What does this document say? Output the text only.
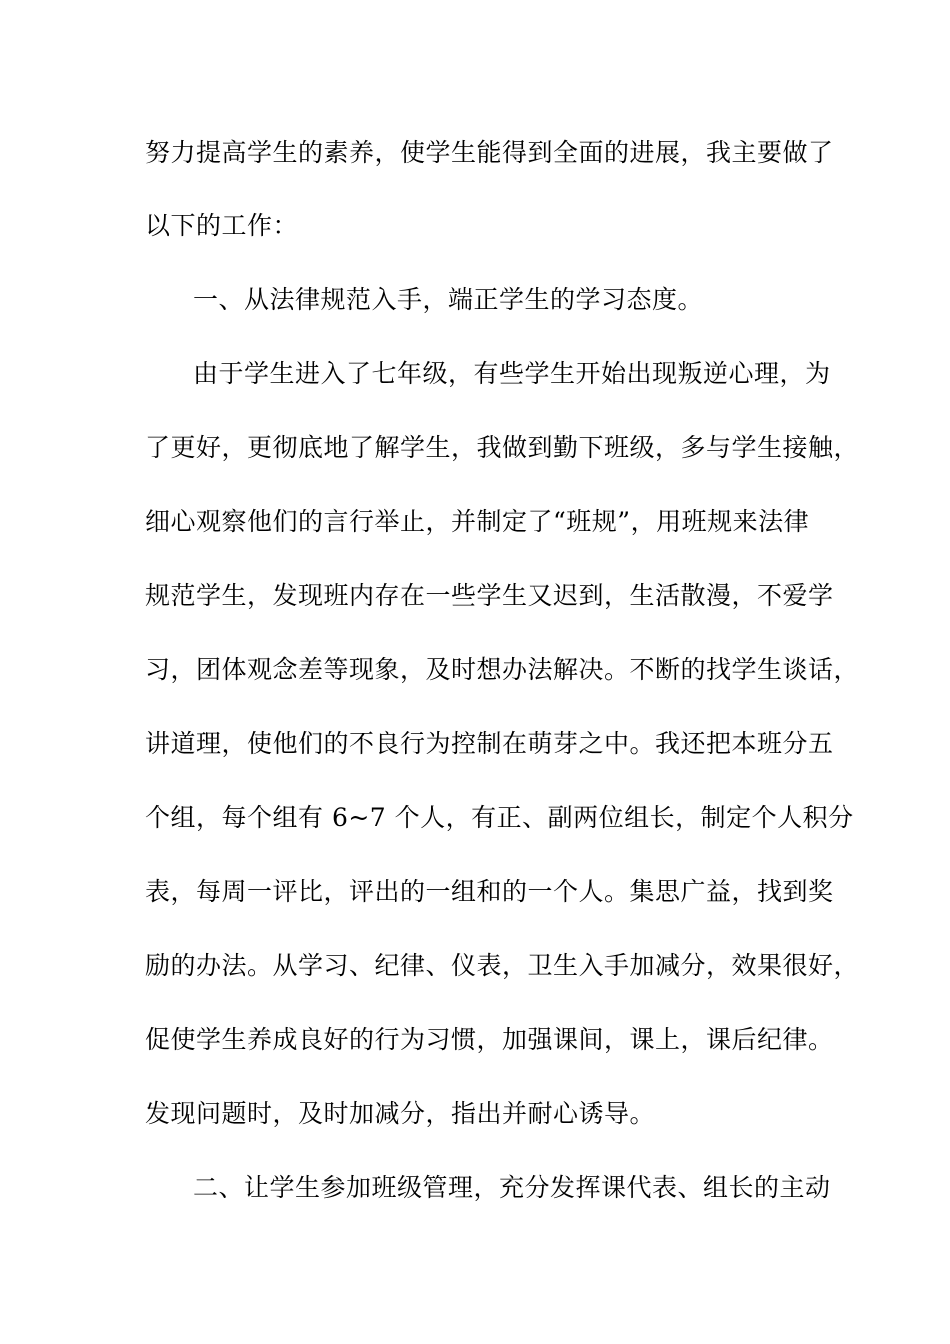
努力提高学生的素养，使学生能得到全面的进展，我主要做了
以下的工作：
一、从法律规范入手，端正学生的学习态度。
由于学生进入了七年级，有些学生开始出现叛逆心理，为
了更好，更彻底地了解学生，我做到勤下班级，多与学生接触，
细心观察他们的言行举止，并制定了“班规”，用班规来法律
规范学生，发现班内存在一些学生又迟到，生活散漫，不爱学
习，团体观念差等现象，及时想办法解决。不断的找学生谈话，
讲道理，使他们的不良行为控制在萌芽之中。我还把本班分五
个组，每个组有 6~7 个人，有正、副两位组长，制定个人积分
表，每周一评比，评出的一组和的一个人。集思广益，找到奖
励的办法。从学习、纪律、仪表，卫生入手加减分，效果很好，
促使学生养成良好的行为习惯，加强课间，课上，课后纪律。
发现问题时，及时加减分，指出并耐心诱导。
二、让学生参加班级管理，充分发挥课代表、组长的主动
